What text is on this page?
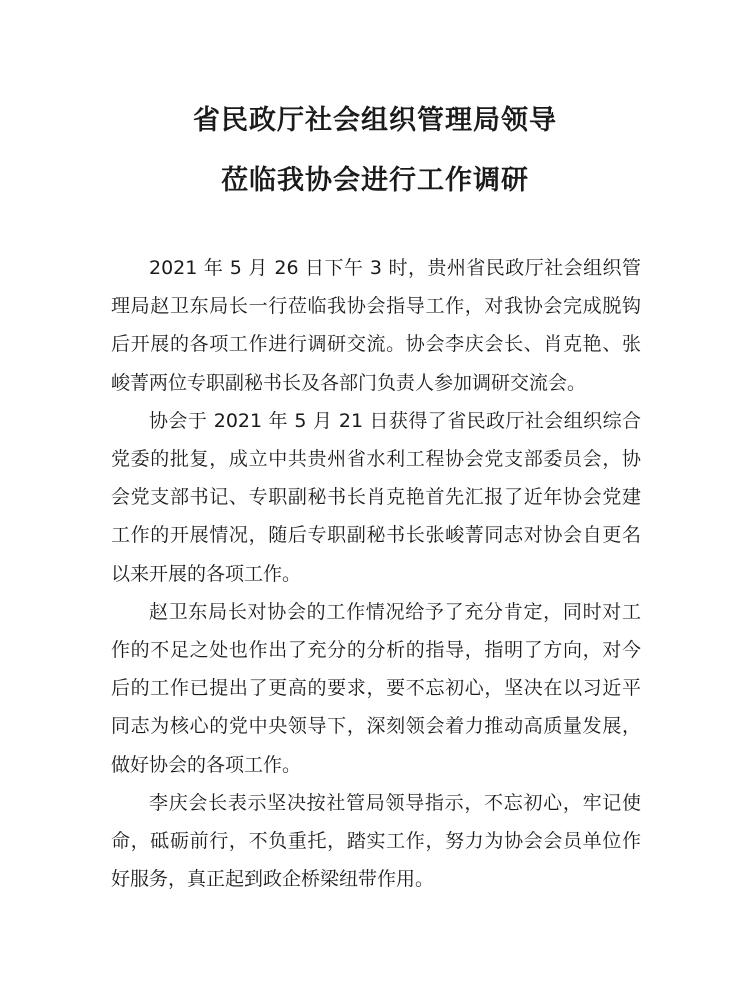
省民政厅社会组织管理局领导
莅临我协会进行工作调研

2021 年 5 月 26 日下午 3 时，贵州省民政厅社会组织管理局赵卫东局长一行莅临我协会指导工作，对我协会完成脱钩后开展的各项工作进行调研交流。协会李庆会长、肖克艳、张峻菁两位专职副秘书长及各部门负责人参加调研交流会。

协会于 2021 年 5 月 21 日获得了省民政厅社会组织综合党委的批复，成立中共贵州省水利工程协会党支部委员会，协会党支部书记、专职副秘书长肖克艳首先汇报了近年协会党建工作的开展情况，随后专职副秘书长张峻菁同志对协会自更名以来开展的各项工作。

赵卫东局长对协会的工作情况给予了充分肯定，同时对工作的不足之处也作出了充分的分析的指导，指明了方向，对今后的工作已提出了更高的要求，要不忘初心，坚决在以习近平同志为核心的党中央领导下，深刻领会着力推动高质量发展，做好协会的各项工作。

李庆会长表示坚决按社管局领导指示，不忘初心，牢记使命，砥砺前行，不负重托，踏实工作，努力为协会会员单位作好服务，真正起到政企桥梁纽带作用。
